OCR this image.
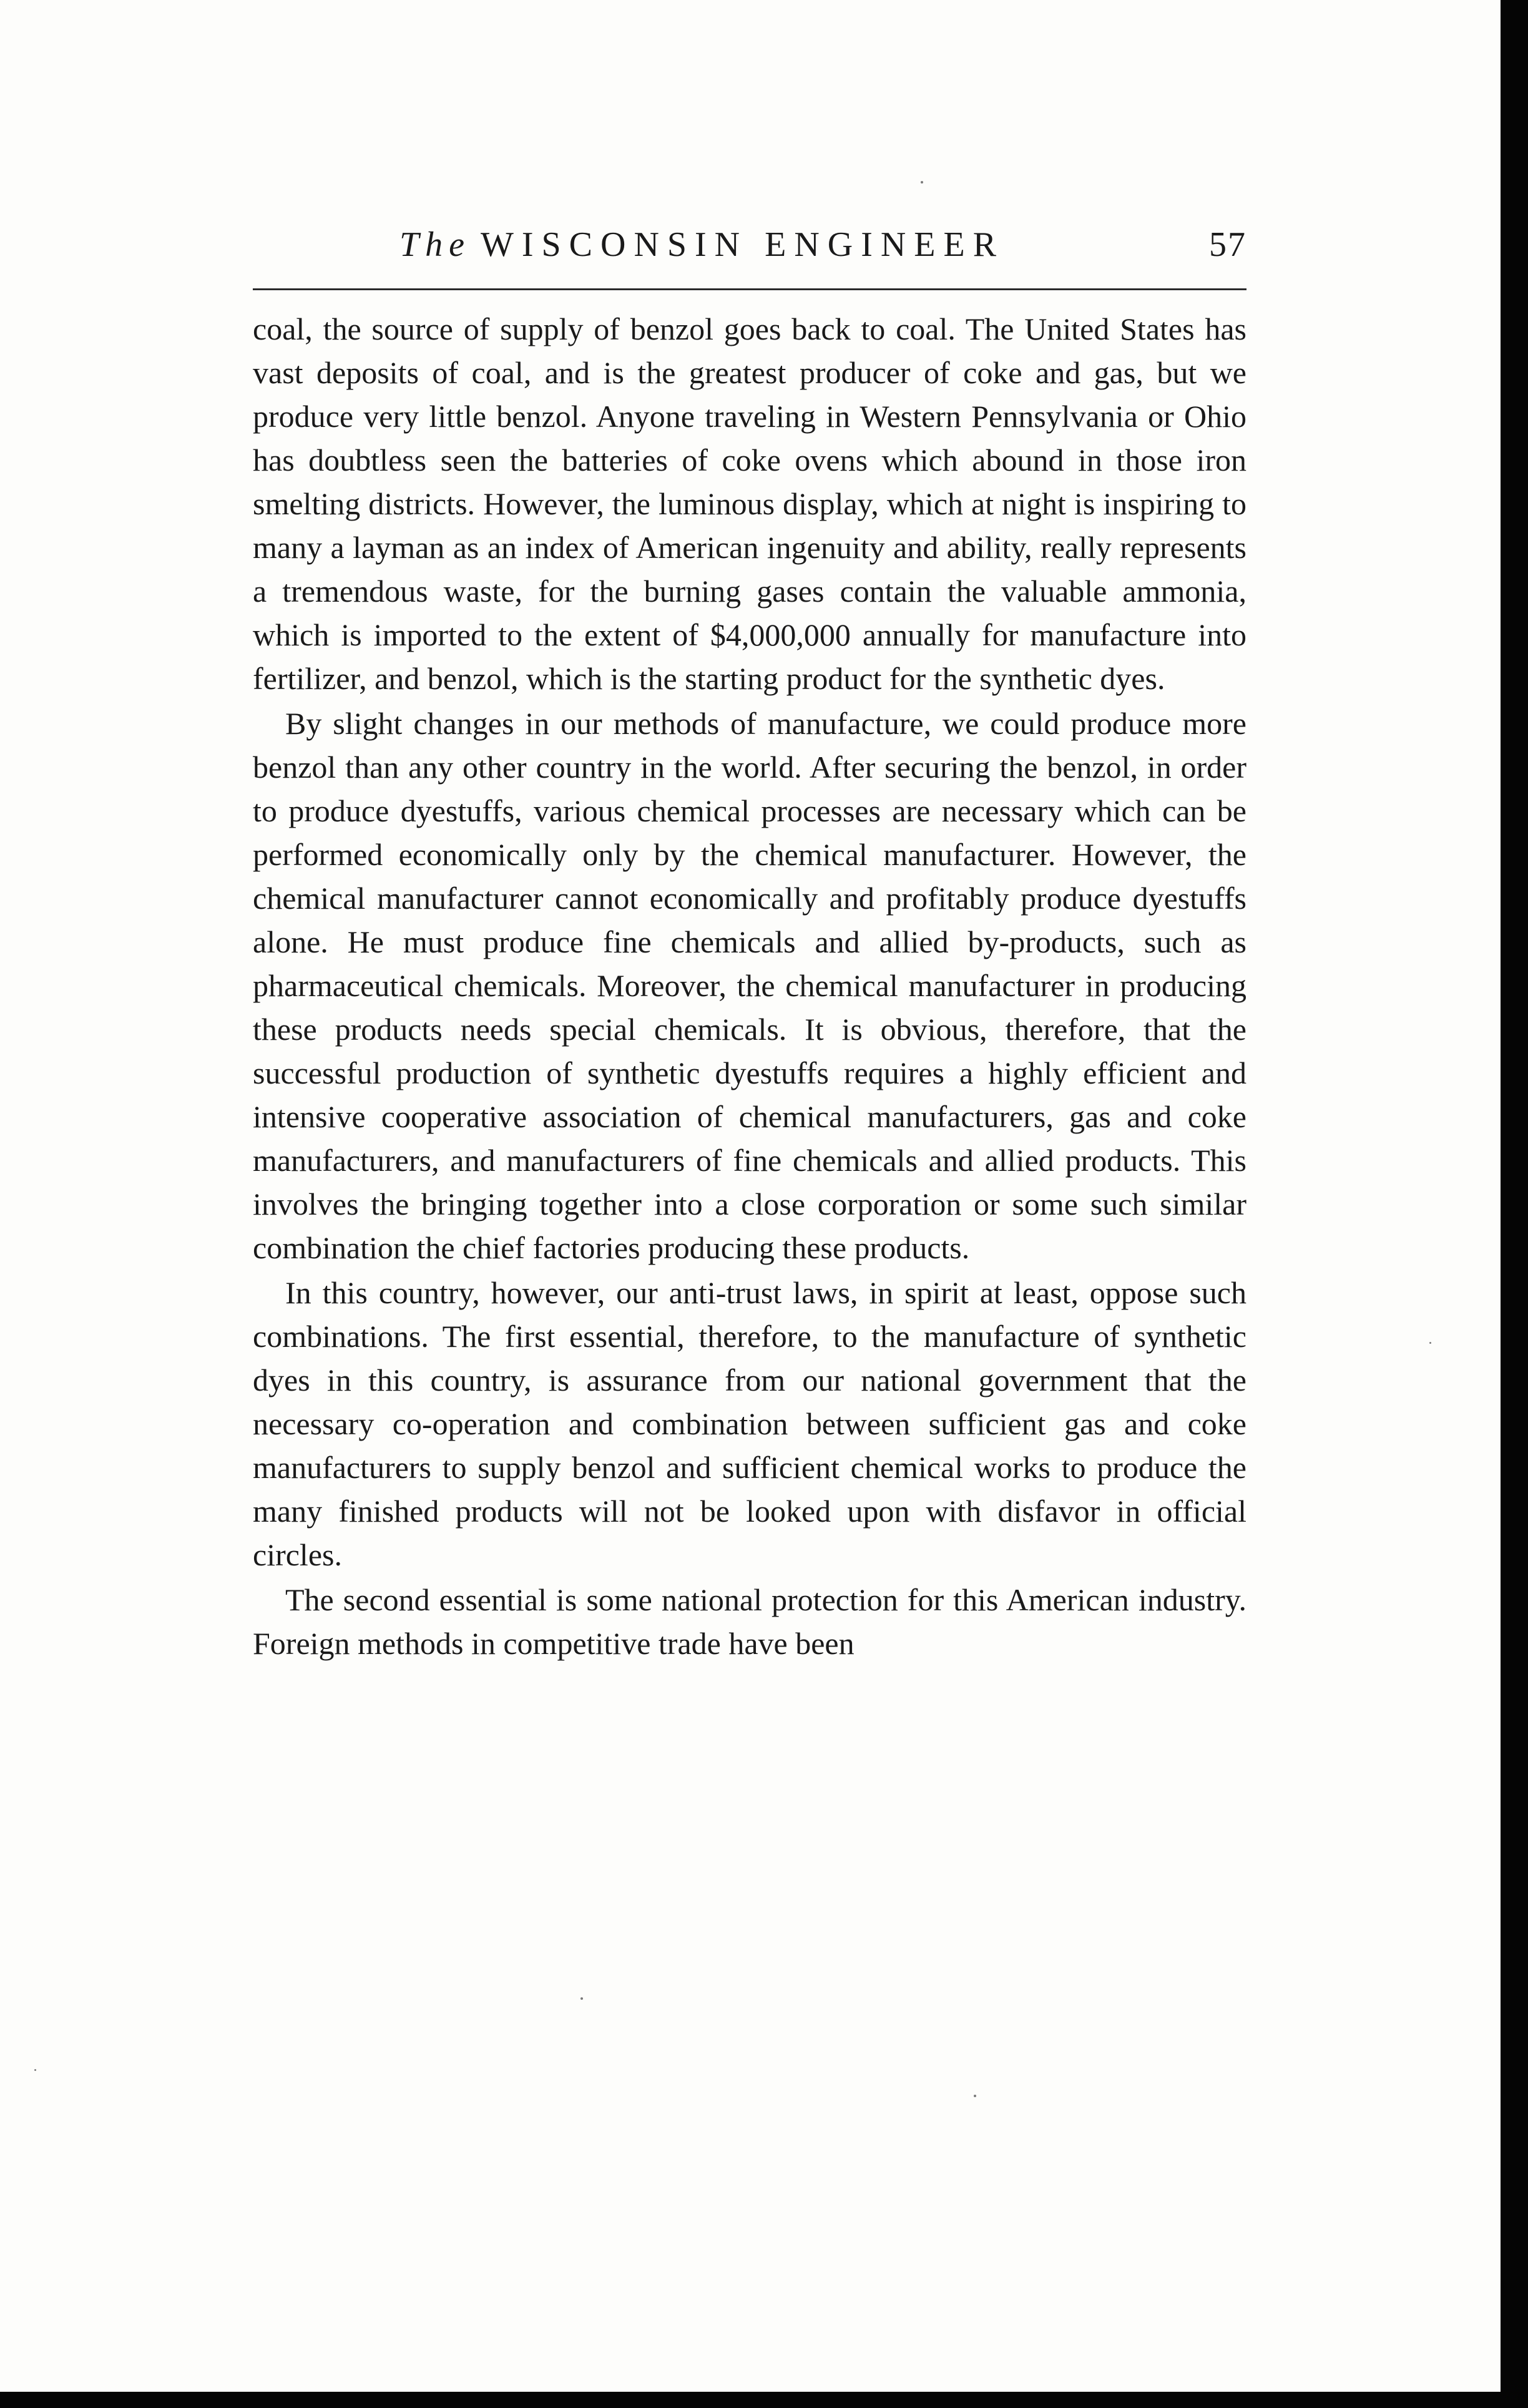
The WISCONSIN ENGINEER	57

coal, the source of supply of benzol goes back to coal. The United States has vast deposits of coal, and is the greatest producer of coke and gas, but we produce very little benzol. Anyone traveling in Western Pennsylvania or Ohio has doubtless seen the batteries of coke ovens which abound in those iron smelting districts. However, the luminous display, which at night is inspiring to many a layman as an index of American ingenuity and ability, really represents a tremendous waste, for the burning gases contain the valuable ammonia, which is imported to the extent of $4,000,000 annually for manufacture into fertilizer, and benzol, which is the starting product for the synthetic dyes.

By slight changes in our methods of manufacture, we could produce more benzol than any other country in the world. After securing the benzol, in order to produce dyestuffs, various chemical processes are necessary which can be performed economically only by the chemical manufacturer. However, the chemical manufacturer cannot economically and profitably produce dyestuffs alone. He must produce fine chemicals and allied by-products, such as pharmaceutical chemicals. Moreover, the chemical manufacturer in producing these products needs special chemicals. It is obvious, therefore, that the successful production of synthetic dyestuffs requires a highly efficient and intensive cooperative association of chemical manufacturers, gas and coke manufacturers, and manufacturers of fine chemicals and allied products. This involves the bringing together into a close corporation or some such similar combination the chief factories producing these products.

In this country, however, our anti-trust laws, in spirit at least, oppose such combinations. The first essential, therefore, to the manufacture of synthetic dyes in this country, is assurance from our national government that the necessary co-operation and combination between sufficient gas and coke manufacturers to supply benzol and sufficient chemical works to produce the many finished products will not be looked upon with disfavor in official circles.

The second essential is some national protection for this American industry. Foreign methods in competitive trade have been
